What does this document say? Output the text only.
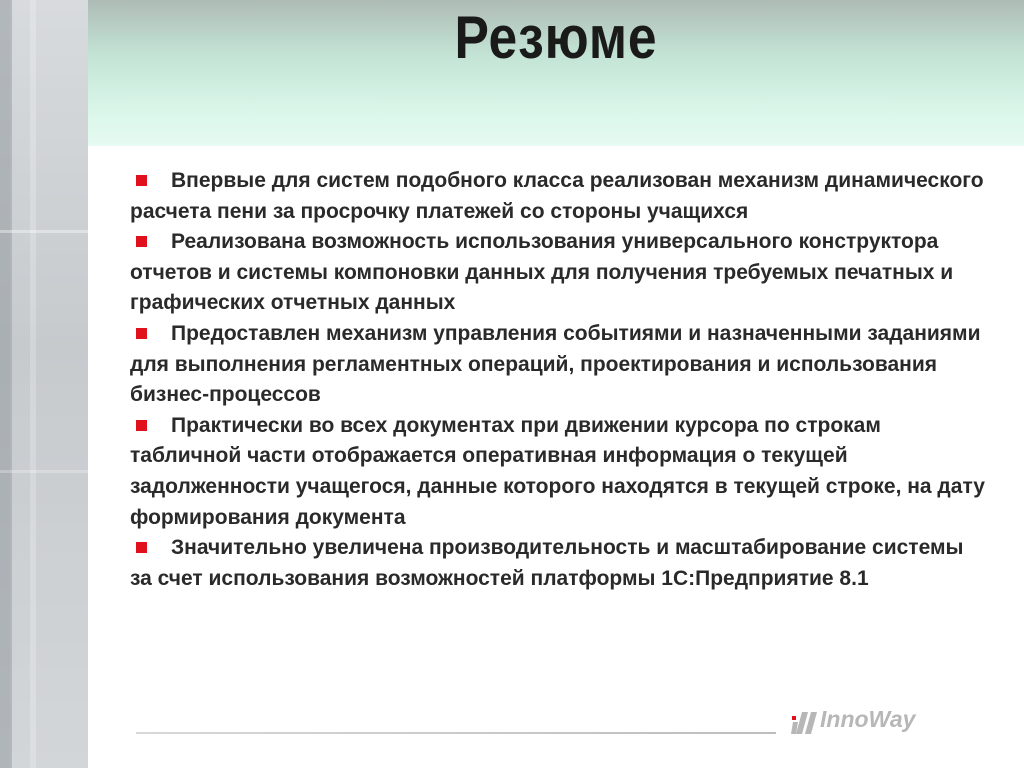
Резюме

Впервые для систем подобного класса реализован механизм динамического расчета пени за просрочку платежей со стороны учащихся

Реализована возможность использования универсального конструктора отчетов и системы компоновки данных для получения требуемых печатных и графических отчетных данных

Предоставлен механизм управления событиями и назначенными заданиями для выполнения регламентных операций, проектирования и использования бизнес-процессов

Практически во всех документах при движении курсора по строкам табличной части отображается оперативная информация о текущей задолженности учащегося, данные которого находятся в текущей строке, на дату формирования документа

Значительно увеличена производительность и масштабирование системы за счет использования возможностей платформы 1С:Предприятие 8.1

InnoWay
